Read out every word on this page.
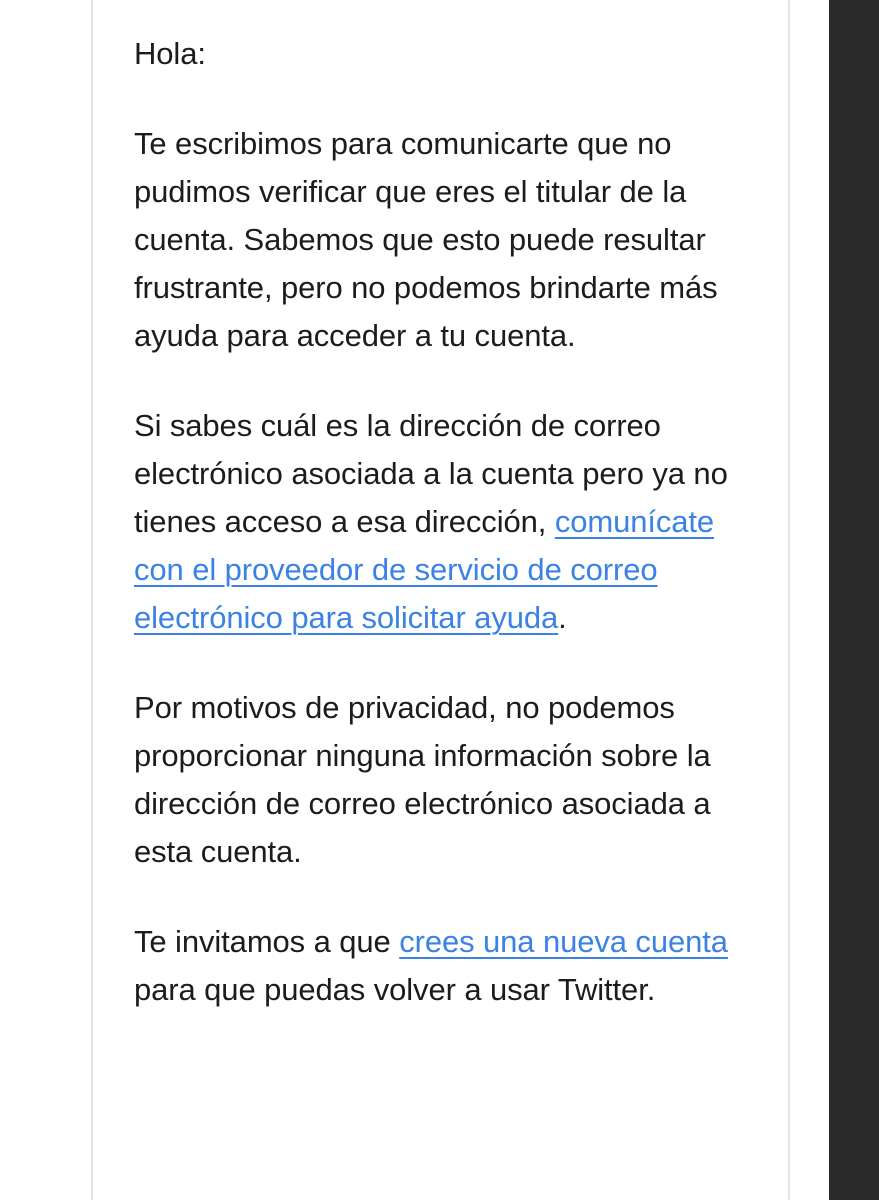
Hola:

Te escribimos para comunicarte que no pudimos verificar que eres el titular de la cuenta. Sabemos que esto puede resultar frustrante, pero no podemos brindarte más ayuda para acceder a tu cuenta.

Si sabes cuál es la dirección de correo electrónico asociada a la cuenta pero ya no tienes acceso a esa dirección, comunícate con el proveedor de servicio de correo electrónico para solicitar ayuda.

Por motivos de privacidad, no podemos proporcionar ninguna información sobre la dirección de correo electrónico asociada a esta cuenta.

Te invitamos a que crees una nueva cuenta para que puedas volver a usar Twitter.
